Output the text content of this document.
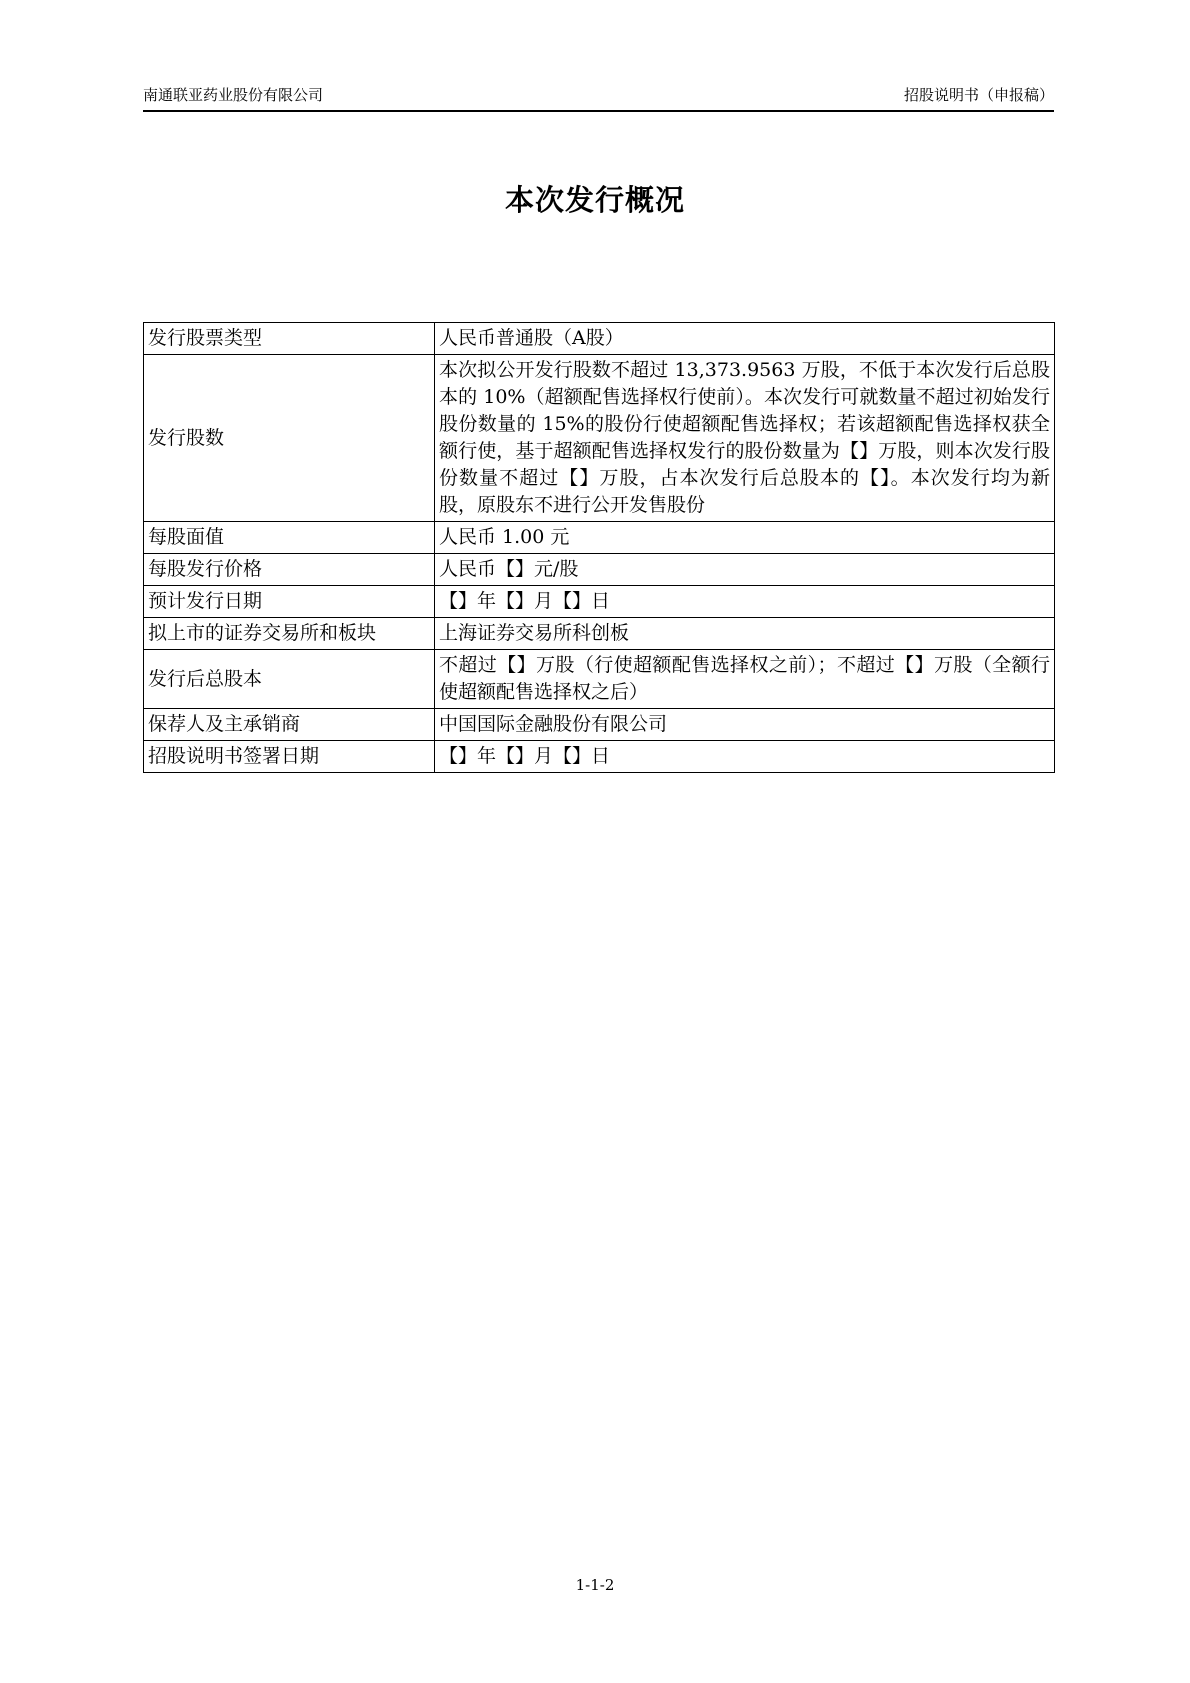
南通联亚药业股份有限公司	招股说明书（申报稿）
本次发行概况
发行股票类型	人民币普通股（A股）
发行股数	本次拟公开发行股数不超过 13,373.9563 万股，不低于本次发行后总股本的 10%（超额配售选择权行使前）。本次发行可就数量不超过初始发行股份数量的 15%的股份行使超额配售选择权；若该超额配售选择权获全额行使，基于超额配售选择权发行的股份数量为【】万股，则本次发行股份数量不超过【】万股，占本次发行后总股本的【】。本次发行均为新股，原股东不进行公开发售股份
每股面值	人民币 1.00 元
每股发行价格	人民币【】元/股
预计发行日期	【】年【】月【】日
拟上市的证券交易所和板块	上海证券交易所科创板
发行后总股本	不超过【】万股（行使超额配售选择权之前）；不超过【】万股（全额行使超额配售选择权之后）
保荐人及主承销商	中国国际金融股份有限公司
招股说明书签署日期	【】年【】月【】日
1-1-2
